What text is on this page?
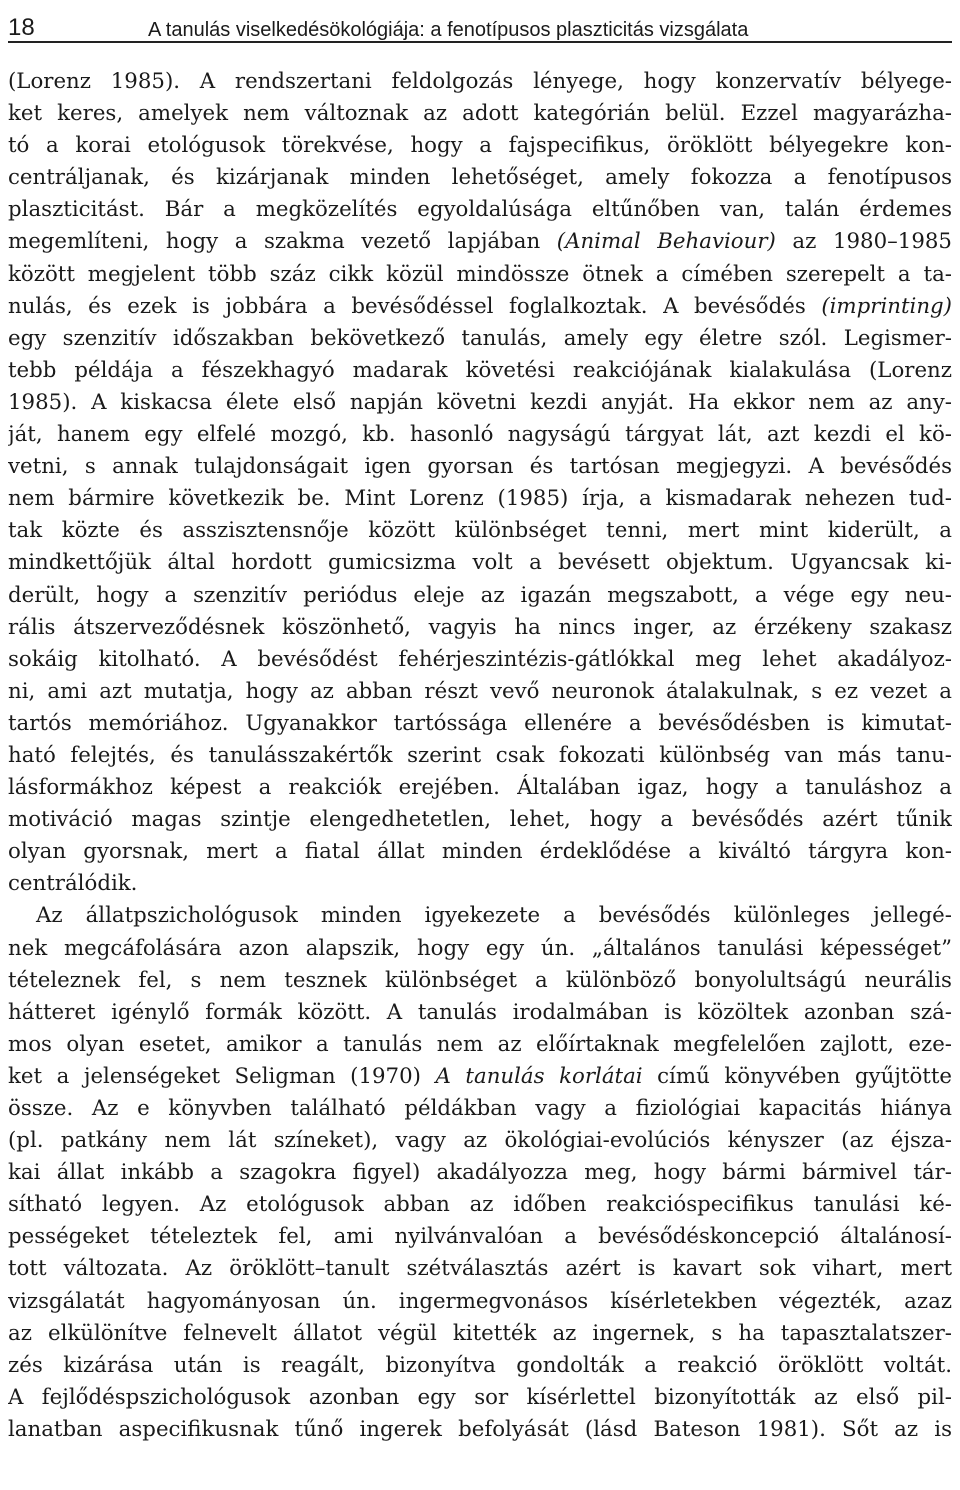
18	A tanulás viselkedésökológiája: a fenotípusos plaszticitás vizsgálata
(Lorenz 1985). A rendszertani feldolgozás lényege, hogy konzervatív bélyege-
ket keres, amelyek nem változnak az adott kategórián belül. Ezzel magyarázha-
tó a korai etológusok törekvése, hogy a fajspecifikus, öröklött bélyegekre kon-
centráljanak, és kizárjanak minden lehetőséget, amely fokozza a fenotípusos
plaszticitást. Bár a megközelítés egyoldalúsága eltűnőben van, talán érdemes
megemlíteni, hogy a szakma vezető lapjában (Animal Behaviour) az 1980–1985
között megjelent több száz cikk közül mindössze ötnek a címében szerepelt a ta-
nulás, és ezek is jobbára a bevésődéssel foglalkoztak. A bevésődés (imprinting)
egy szenzitív időszakban bekövetkező tanulás, amely egy életre szól. Legismer-
tebb példája a fészekhagyó madarak követési reakciójának kialakulása (Lorenz
1985). A kiskacsa élete első napján követni kezdi anyját. Ha ekkor nem az any-
ját, hanem egy elfelé mozgó, kb. hasonló nagyságú tárgyat lát, azt kezdi el kö-
vetni, s annak tulajdonságait igen gyorsan és tartósan megjegyzi. A bevésődés
nem bármire következik be. Mint Lorenz (1985) írja, a kismadarak nehezen tud-
tak közte és asszisztensnője között különbséget tenni, mert mint kiderült, a
mindkettőjük által hordott gumicsizma volt a bevésett objektum. Ugyancsak ki-
derült, hogy a szenzitív periódus eleje az igazán megszabott, a vége egy neu-
rális átszerveződésnek köszönhető, vagyis ha nincs inger, az érzékeny szakasz
sokáig kitolható. A bevésődést fehérjeszintézis-gátlókkal meg lehet akadályoz-
ni, ami azt mutatja, hogy az abban részt vevő neuronok átalakulnak, s ez vezet a
tartós memóriához. Ugyanakkor tartóssága ellenére a bevésődésben is kimutat-
ható felejtés, és tanulásszakértők szerint csak fokozati különbség van más tanu-
lásformákhoz képest a reakciók erejében. Általában igaz, hogy a tanuláshoz a
motiváció magas szintje elengedhetetlen, lehet, hogy a bevésődés azért tűnik
olyan gyorsnak, mert a fiatal állat minden érdeklődése a kiváltó tárgyra kon-
centrálódik.
Az állatpszichológusok minden igyekezete a bevésődés különleges jellegé-
nek megcáfolására azon alapszik, hogy egy ún. „általános tanulási képességet”
tételeznek fel, s nem tesznek különbséget a különböző bonyolultságú neurális
hátteret igénylő formák között. A tanulás irodalmában is közöltek azonban szá-
mos olyan esetet, amikor a tanulás nem az előírtaknak megfelelően zajlott, eze-
ket a jelenségeket Seligman (1970) A tanulás korlátai című könyvében gyűjtötte
össze. Az e könyvben található példákban vagy a fiziológiai kapacitás hiánya
(pl. patkány nem lát színeket), vagy az ökológiai-evolúciós kényszer (az éjsza-
kai állat inkább a szagokra figyel) akadályozza meg, hogy bármi bármivel tár-
sítható legyen. Az etológusok abban az időben reakcióspecifikus tanulási ké-
pességeket tételeztek fel, ami nyilvánvalóan a bevésődéskoncepció általánosí-
tott változata. Az öröklött–tanult szétválasztás azért is kavart sok vihart, mert
vizsgálatát hagyományosan ún. ingermegvonásos kísérletekben végezték, azaz
az elkülönítve felnevelt állatot végül kitették az ingernek, s ha tapasztalatszer-
zés kizárása után is reagált, bizonyítva gondolták a reakció öröklött voltát.
A fejlődéspszichológusok azonban egy sor kísérlettel bizonyították az első pil-
lanatban aspecifikusnak tűnő ingerek befolyását (lásd Bateson 1981). Sőt az is
